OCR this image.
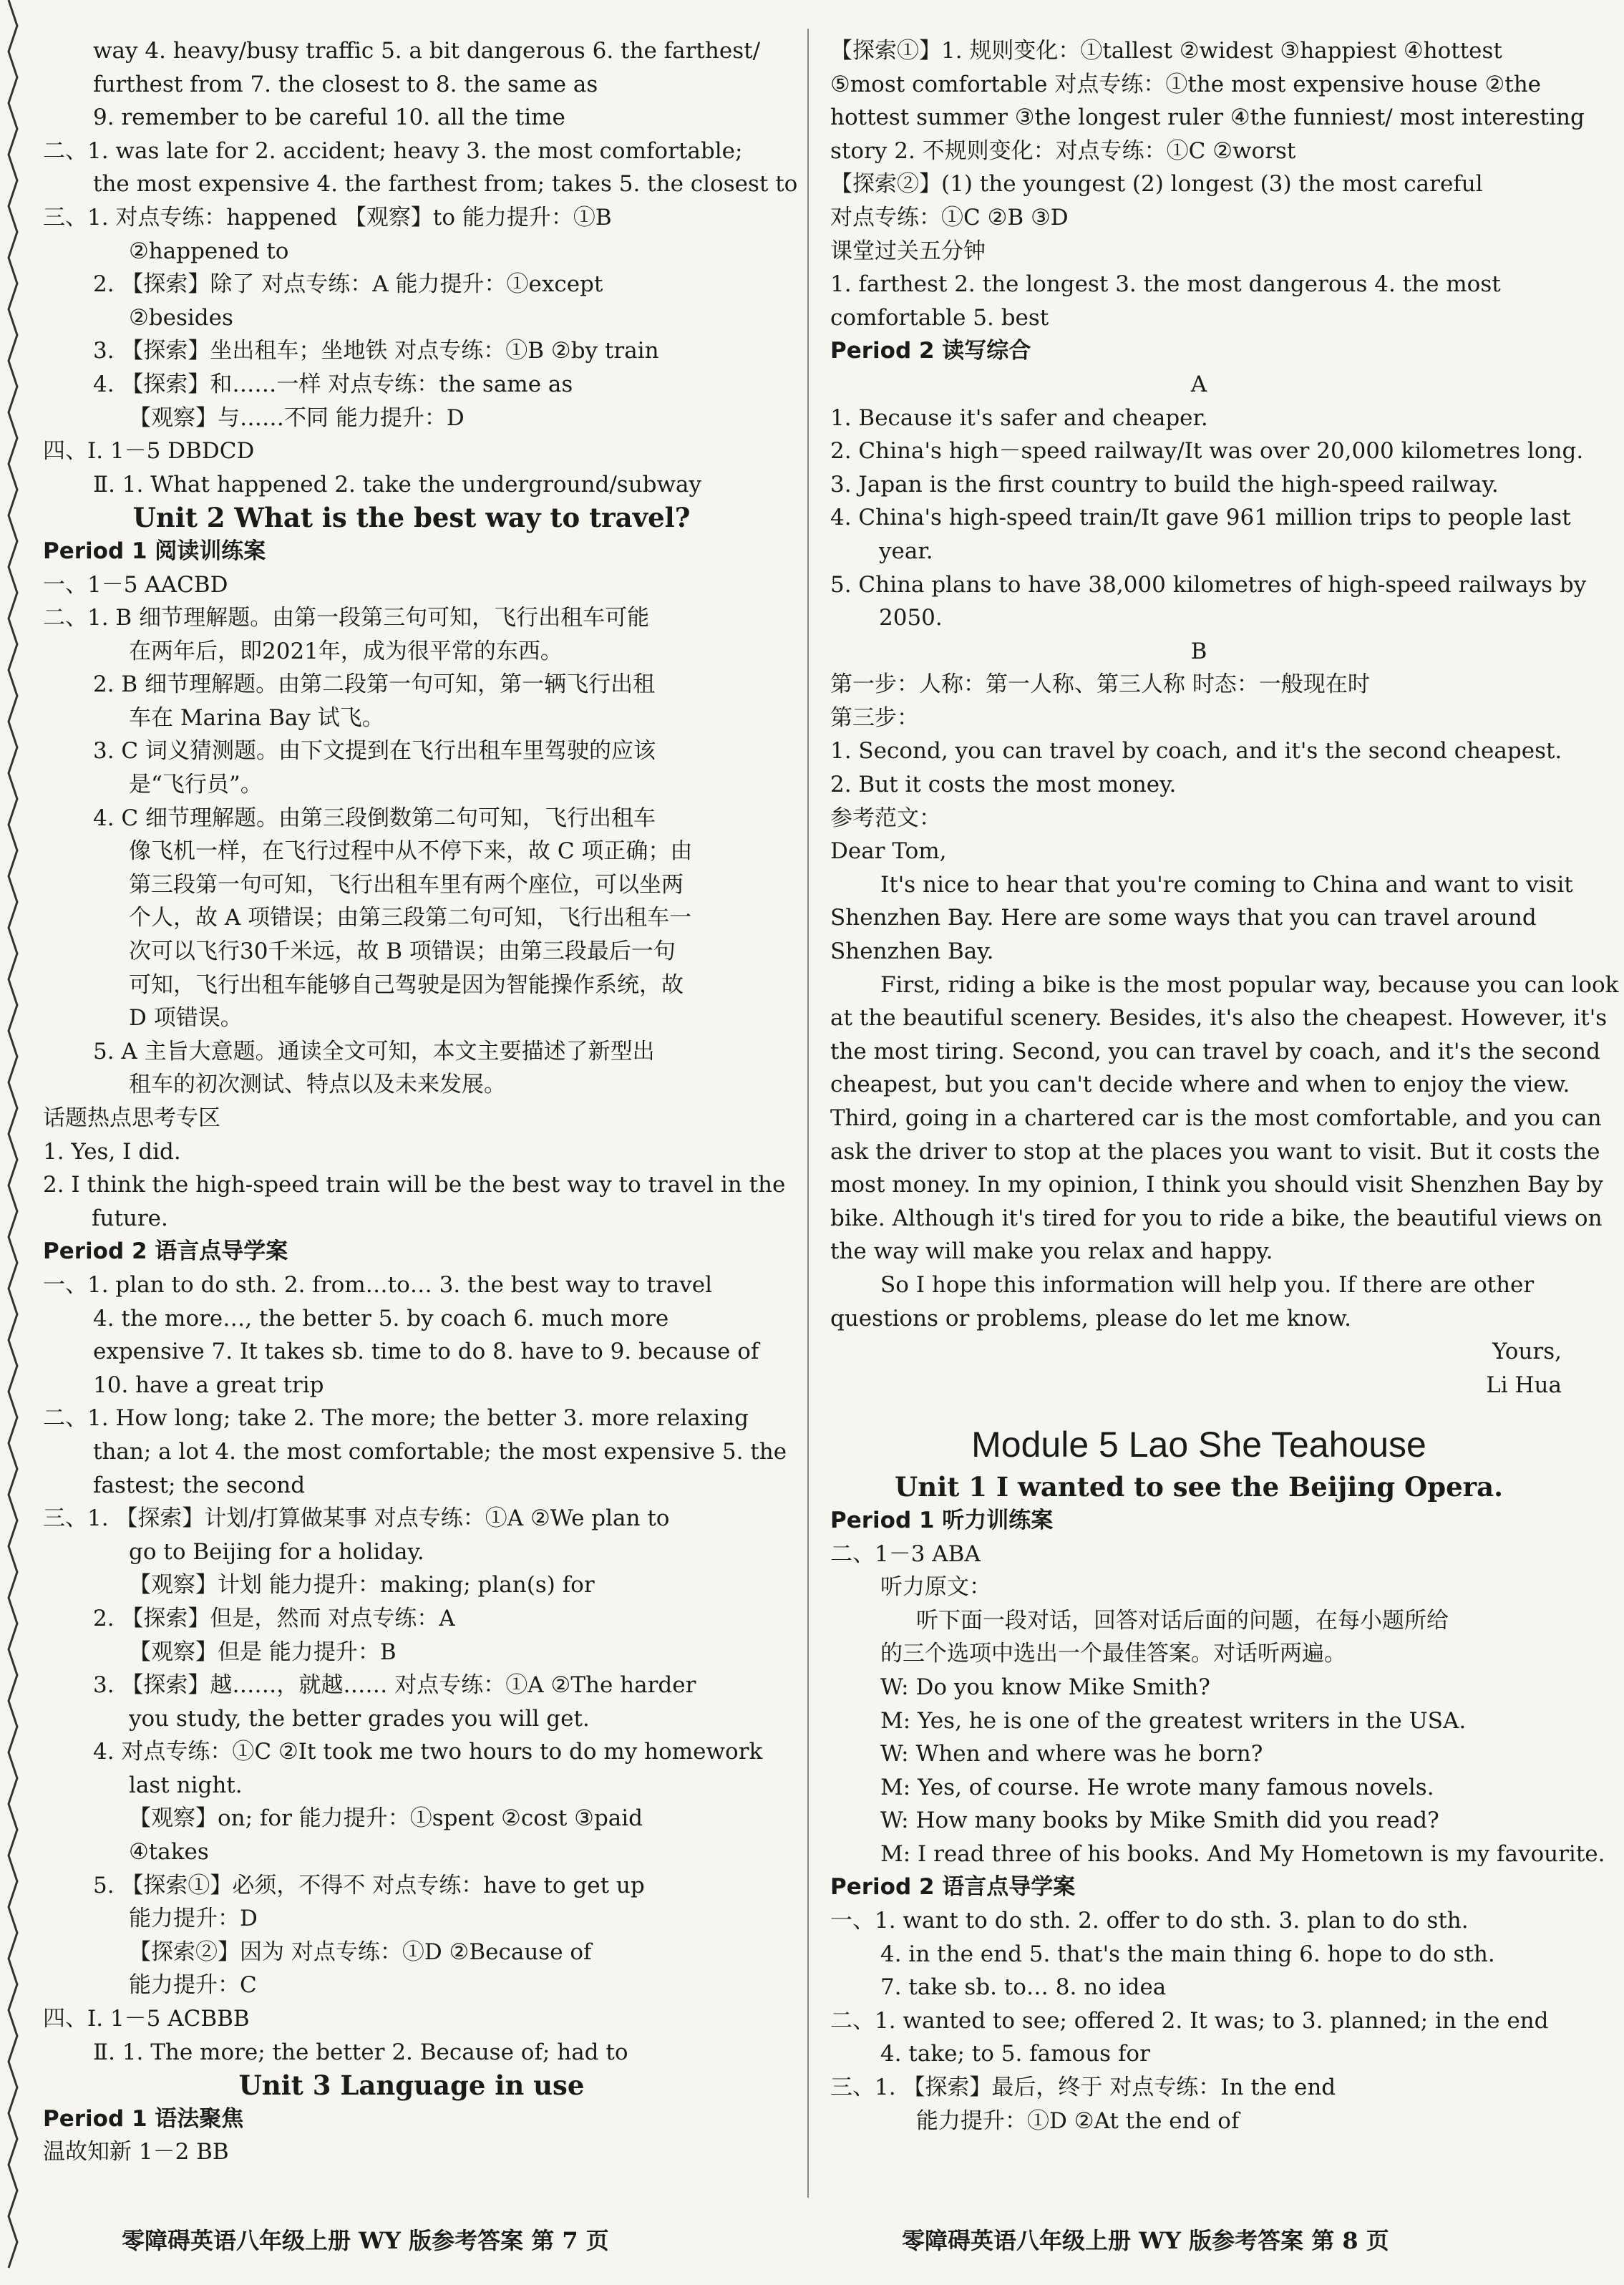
way 4. heavy/busy traffic 5. a bit dangerous 6. the farthest/
furthest from 7. the closest to 8. the same as
9. remember to be careful 10. all the time
二、1. was late for 2. accident; heavy 3. the most comfortable;
the most expensive 4. the farthest from; takes 5. the closest to
三、1. 对点专练：happened 【观察】to 能力提升：①B
②happened to
2. 【探索】除了 对点专练：A 能力提升：①except
②besides
3. 【探索】坐出租车；坐地铁 对点专练：①B ②by train
4. 【探索】和……一样 对点专练：the same as
【观察】与……不同 能力提升：D
四、Ⅰ. 1－5 DBDCD
Ⅱ. 1. What happened 2. take the underground/subway
Unit 2 What is the best way to travel?
Period 1 阅读训练案
一、1－5 AACBD
二、1. B 细节理解题。由第一段第三句可知，飞行出租车可能
在两年后，即2021年，成为很平常的东西。
2. B 细节理解题。由第二段第一句可知，第一辆飞行出租
车在 Marina Bay 试飞。
3. C 词义猜测题。由下文提到在飞行出租车里驾驶的应该
是“飞行员”。
4. C 细节理解题。由第三段倒数第二句可知，飞行出租车
像飞机一样，在飞行过程中从不停下来，故 C 项正确；由
第三段第一句可知，飞行出租车里有两个座位，可以坐两
个人，故 A 项错误；由第三段第二句可知，飞行出租车一
次可以飞行30千米远，故 B 项错误；由第三段最后一句
可知，飞行出租车能够自己驾驶是因为智能操作系统，故
D 项错误。
5. A 主旨大意题。通读全文可知，本文主要描述了新型出
租车的初次测试、特点以及未来发展。
话题热点思考专区
1. Yes, I did.
2. I think the high-speed train will be the best way to travel in the
future.
Period 2 语言点导学案
一、1. plan to do sth. 2. from…to… 3. the best way to travel
4. the more…, the better 5. by coach 6. much more
expensive 7. It takes sb. time to do 8. have to 9. because of
10. have a great trip
二、1. How long; take 2. The more; the better 3. more relaxing
than; a lot 4. the most comfortable; the most expensive 5. the
fastest; the second
三、1. 【探索】计划/打算做某事 对点专练：①A ②We plan to
go to Beijing for a holiday.
【观察】计划 能力提升：making; plan(s) for
2. 【探索】但是，然而 对点专练：A
【观察】但是 能力提升：B
3. 【探索】越……，就越…… 对点专练：①A ②The harder
you study, the better grades you will get.
4. 对点专练：①C ②It took me two hours to do my homework
last night.
【观察】on; for 能力提升：①spent ②cost ③paid
④takes
5. 【探索①】必须，不得不 对点专练：have to get up
能力提升：D
【探索②】因为 对点专练：①D ②Because of
能力提升：C
四、Ⅰ. 1－5 ACBBB
Ⅱ. 1. The more; the better 2. Because of; had to
Unit 3 Language in use
Period 1 语法聚焦
温故知新 1－2 BB
【探索①】1. 规则变化：①tallest ②widest ③happiest ④hottest
⑤most comfortable 对点专练：①the most expensive house ②the
hottest summer ③the longest ruler ④the funniest/ most interesting
story 2. 不规则变化：对点专练：①C ②worst
【探索②】(1) the youngest (2) longest (3) the most careful
对点专练：①C ②B ③D
课堂过关五分钟
1. farthest 2. the longest 3. the most dangerous 4. the most
comfortable 5. best
Period 2 读写综合
A
1. Because it's safer and cheaper.
2. China's high－speed railway/It was over 20,000 kilometres long.
3. Japan is the first country to build the high-speed railway.
4. China's high-speed train/It gave 961 million trips to people last
year.
5. China plans to have 38,000 kilometres of high-speed railways by
2050.
B
第一步：人称：第一人称、第三人称 时态：一般现在时
第三步：
1. Second, you can travel by coach, and it's the second cheapest.
2. But it costs the most money.
参考范文：
Dear Tom,
It's nice to hear that you're coming to China and want to visit
Shenzhen Bay. Here are some ways that you can travel around
Shenzhen Bay.
First, riding a bike is the most popular way, because you can look
at the beautiful scenery. Besides, it's also the cheapest. However, it's
the most tiring. Second, you can travel by coach, and it's the second
cheapest, but you can't decide where and when to enjoy the view.
Third, going in a chartered car is the most comfortable, and you can
ask the driver to stop at the places you want to visit. But it costs the
most money. In my opinion, I think you should visit Shenzhen Bay by
bike. Although it's tired for you to ride a bike, the beautiful views on
the way will make you relax and happy.
So I hope this information will help you. If there are other
questions or problems, please do let me know.
Yours,
Li Hua
Module 5 Lao She Teahouse
Unit 1 I wanted to see the Beijing Opera.
Period 1 听力训练案
二、1－3 ABA
听力原文：
听下面一段对话，回答对话后面的问题，在每小题所给
的三个选项中选出一个最佳答案。对话听两遍。
W: Do you know Mike Smith?
M: Yes, he is one of the greatest writers in the USA.
W: When and where was he born?
M: Yes, of course. He wrote many famous novels.
W: How many books by Mike Smith did you read?
M: I read three of his books. And My Hometown is my favourite.
Period 2 语言点导学案
一、1. want to do sth. 2. offer to do sth. 3. plan to do sth.
4. in the end 5. that's the main thing 6. hope to do sth.
7. take sb. to… 8. no idea
二、1. wanted to see; offered 2. It was; to 3. planned; in the end
4. take; to 5. famous for
三、1. 【探索】最后，终于 对点专练：In the end
能力提升：①D ②At the end of
零障碍英语八年级上册 WY 版参考答案 第 7 页	零障碍英语八年级上册 WY 版参考答案 第 8 页
